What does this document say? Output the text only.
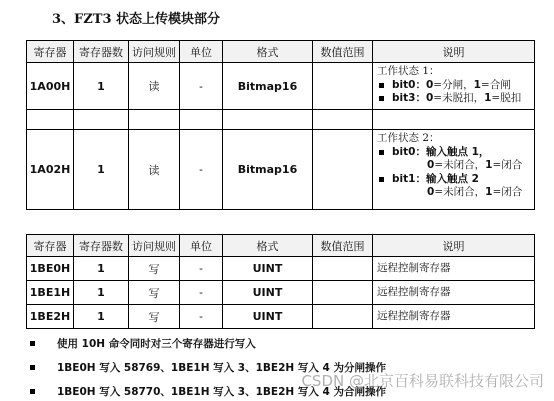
3、FZT3 状态上传模块部分
寄存器	寄存器数	访问规则	单位	格式	数值范围	说明
1A00H	1	读	-	Bitmap16		工作状态 1：
bit0：0=分闸，1=合闸
bit3：0=未脱扣，1=脱扣

1A02H	1	读	-	Bitmap16		工作状态 2：
bit0：输入触点 1，
0=未闭合，1=闭合
bit1：输入触点 2
0=未闭合，1=闭合
寄存器	寄存器数	访问规则	单位	格式	数值范围	说明
1BE0H	1	写	-	UINT		远程控制寄存器
1BE1H	1	写	-	UINT		远程控制寄存器
1BE2H	1	写	-	UINT		远程控制寄存器
使用 10H 命令同时对三个寄存器进行写入
1BE0H 写入 58769、1BE1H 写入 3、1BE2H 写入 4 为分闸操作
1BE0H 写入 58770、1BE1H 写入 3、1BE2H 写入 4 为合闸操作
CSDN @北京百科易联科技有限公司
